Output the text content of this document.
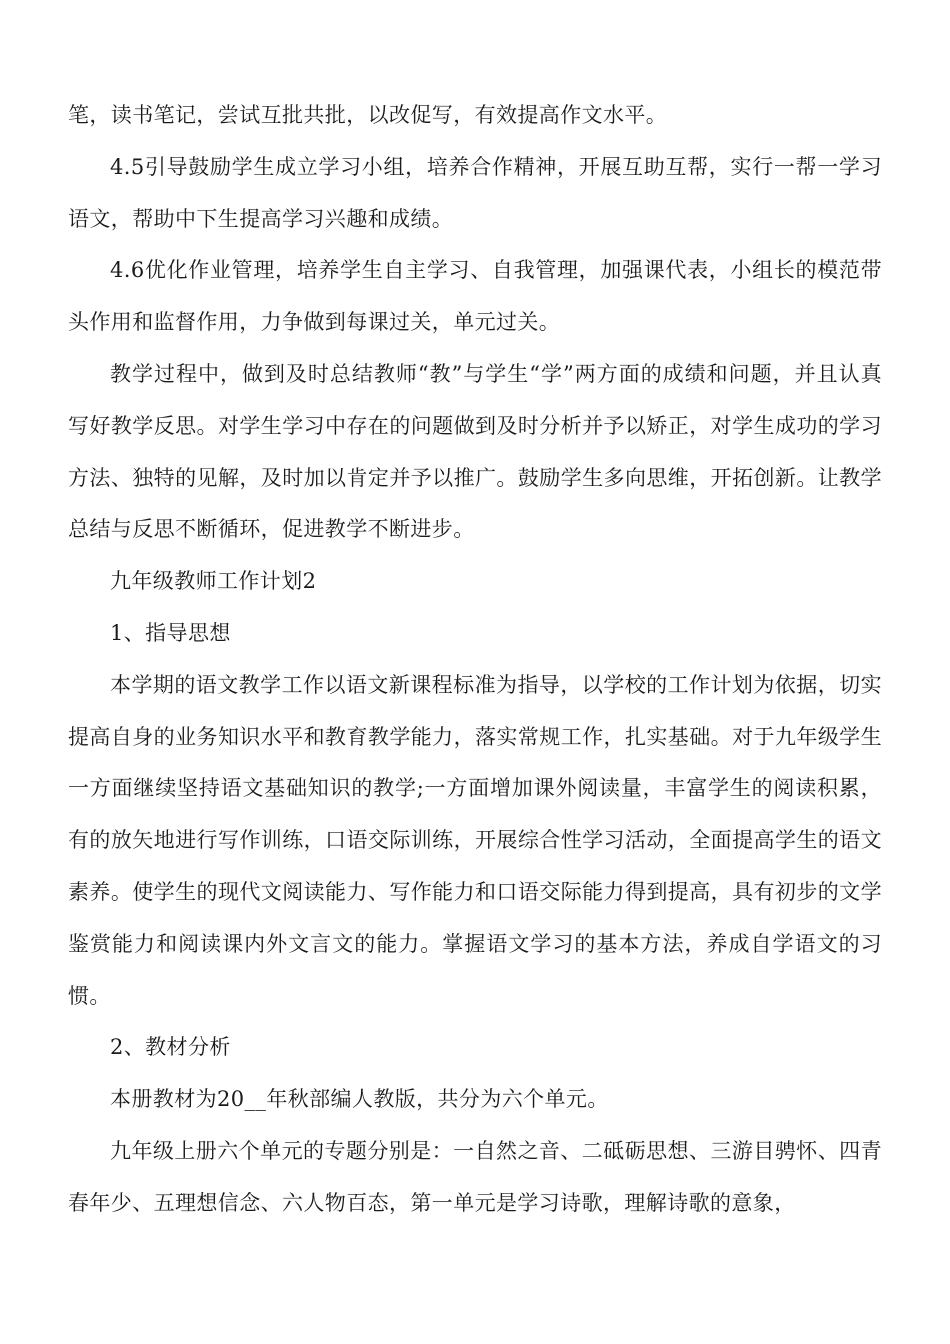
笔，读书笔记，尝试互批共批，以改促写，有效提高作文水平。

4.5引导鼓励学生成立学习小组，培养合作精神，开展互助互帮，实行一帮一学习语文，帮助中下生提高学习兴趣和成绩。

4.6优化作业管理，培养学生自主学习、自我管理，加强课代表，小组长的模范带头作用和监督作用，力争做到每课过关，单元过关。

教学过程中，做到及时总结教师“教”与学生“学”两方面的成绩和问题，并且认真写好教学反思。对学生学习中存在的问题做到及时分析并予以矫正，对学生成功的学习方法、独特的见解，及时加以肯定并予以推广。鼓励学生多向思维，开拓创新。让教学总结与反思不断循环，促进教学不断进步。

九年级教师工作计划2

1、指导思想

本学期的语文教学工作以语文新课程标准为指导，以学校的工作计划为依据，切实提高自身的业务知识水平和教育教学能力，落实常规工作，扎实基础。对于九年级学生一方面继续坚持语文基础知识的教学;一方面增加课外阅读量，丰富学生的阅读积累，有的放矢地进行写作训练，口语交际训练，开展综合性学习活动，全面提高学生的语文素养。使学生的现代文阅读能力、写作能力和口语交际能力得到提高，具有初步的文学鉴赏能力和阅读课内外文言文的能力。掌握语文学习的基本方法，养成自学语文的习惯。

2、教材分析

本册教材为20__年秋部编人教版，共分为六个单元。

九年级上册六个单元的专题分别是：一自然之音、二砥砺思想、三游目骋怀、四青春年少、五理想信念、六人物百态，第一单元是学习诗歌，理解诗歌的意象，
